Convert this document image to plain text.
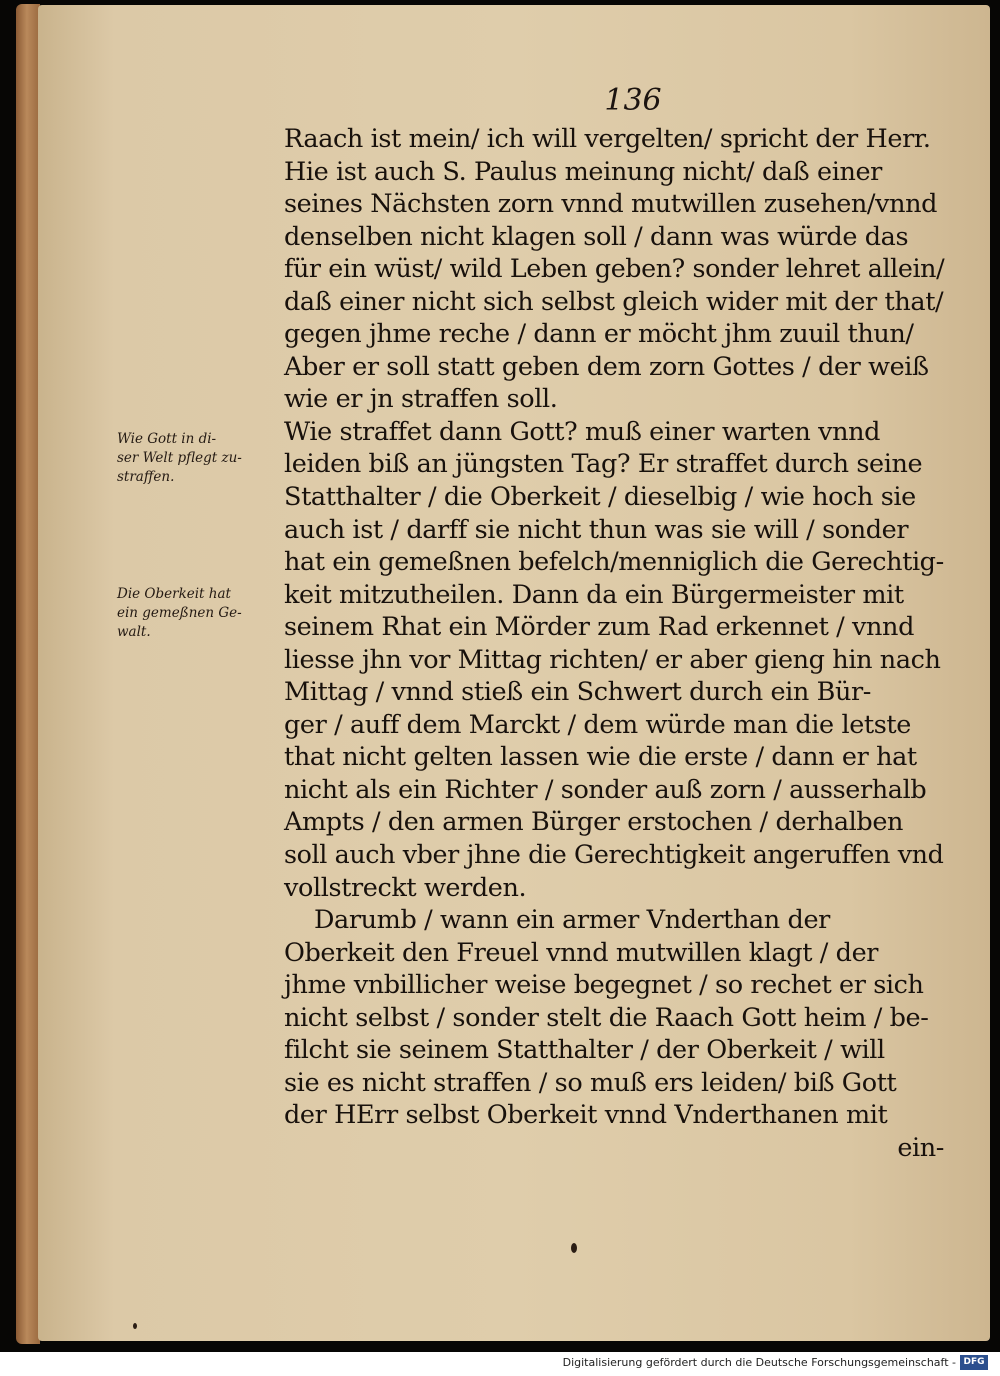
136
Wie Gott in di-
ser Welt pflegt zu-
straffen.
Die Oberkeit hat
ein gemeßnen Ge-
walt.
Raach ist mein/ ich will vergelten/ spricht der Herr.
Hie ist auch S. Paulus meinung nicht/ daß einer
seines Nächsten zorn vnnd mutwillen zusehen/vnnd
denselben nicht klagen soll / dann was würde das
für ein wüst/ wild Leben geben? sonder lehret allein/
daß einer nicht sich selbst gleich wider mit der that/
gegen jhme reche / dann er möcht jhm zuuil thun/
Aber er soll statt geben dem zorn Gottes / der weiß
wie er jn straffen soll.
Wie straffet dann Gott? muß einer warten vnnd
leiden biß an jüngsten Tag? Er straffet durch seine
Statthalter / die Oberkeit / dieselbig / wie hoch sie
auch ist / darff sie nicht thun was sie will / sonder
hat ein gemeßnen befelch/menniglich die Gerechtig-
keit mitzutheilen. Dann da ein Bürgermeister mit
seinem Rhat ein Mörder zum Rad erkennet / vnnd
liesse jhn vor Mittag richten/ er aber gieng hin nach
Mittag / vnnd stieß ein Schwert durch ein Bür-
ger / auff dem Marckt / dem würde man die letste
that nicht gelten lassen wie die erste / dann er hat
nicht als ein Richter / sonder auß zorn / ausserhalb
Ampts / den armen Bürger erstochen / derhalben
soll auch vber jhne die Gerechtigkeit angeruffen vnd
vollstreckt werden.
Darumb / wann ein armer Vnderthan der
Oberkeit den Freuel vnnd mutwillen klagt / der
jhme vnbillicher weise begegnet / so rechet er sich
nicht selbst / sonder stelt die Raach Gott heim / be-
filcht sie seinem Statthalter / der Oberkeit / will
sie es nicht straffen / so muß ers leiden/ biß Gott
der HErr selbst Oberkeit vnnd Vnderthanen mit
ein-
Digitalisierung gefördert durch die Deutsche Forschungsgemeinschaft - DFG
